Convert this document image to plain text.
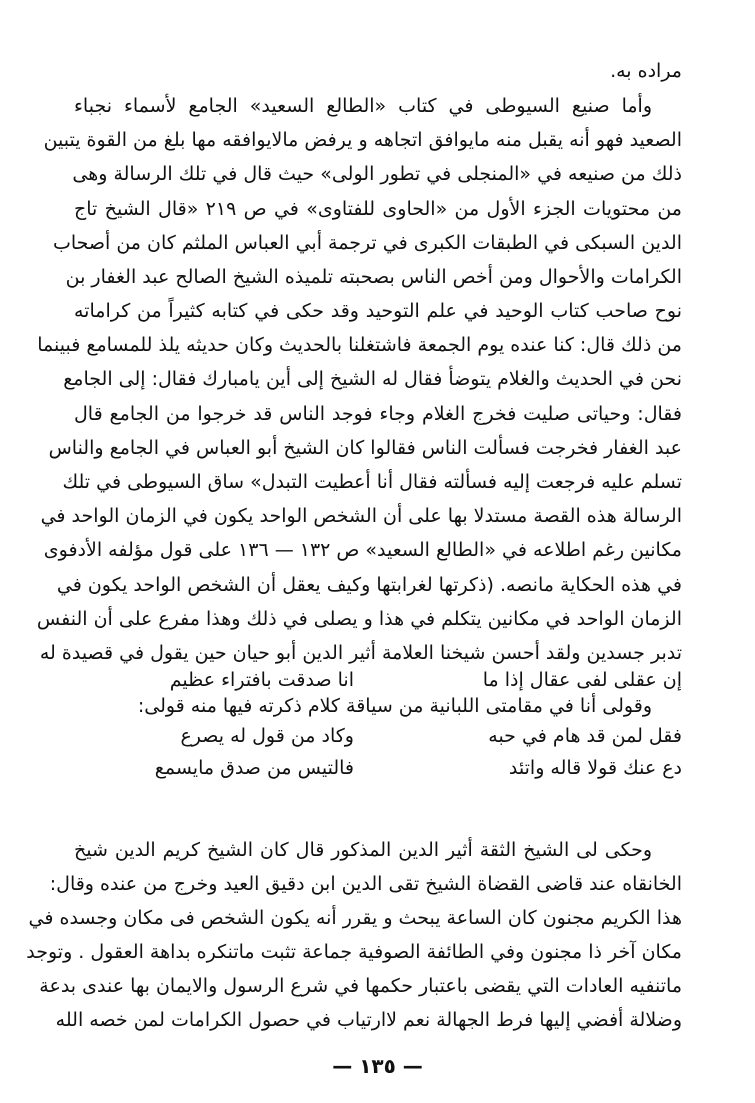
مراده به.
وأما صنيع السيوطى في كتاب «الطالع السعيد» الجامع لأسماء نجباء
الصعيد فهو أنه يقبل منه مايوافق اتجاهه و يرفض مالايوافقه مها بلغ من القوة يتبين
ذلك من صنيعه في «المنجلى في تطور الولى» حيث قال في تلك الرسالة وهى
من محتويات الجزء الأول من «الحاوى للفتاوى» في ص ٢١٩ «قال الشيخ تاج
الدين السبكى في الطبقات الكبرى في ترجمة أبي العباس الملثم كان من أصحاب
الكرامات والأحوال ومن أخص الناس بصحبته تلميذه الشيخ الصالح عبد الغفار بن
نوح صاحب كتاب الوحيد في علم التوحيد وقد حكى في كتابه كثيراً من كراماته
من ذلك قال: كنا عنده يوم الجمعة فاشتغلنا بالحديث وكان حديثه يلذ للمسامع فبينما
نحن في الحديث والغلام يتوضأ فقال له الشيخ إلى أين يامبارك فقال: إلى الجامع
فقال: وحياتى صليت فخرج الغلام وجاء فوجد الناس قد خرجوا من الجامع قال
عبد الغفار فخرجت فسألت الناس فقالوا كان الشيخ أبو العباس في الجامع والناس
تسلم عليه فرجعت إليه فسألته فقال أنا أعطيت التبدل» ساق السيوطى في تلك
الرسالة هذه القصة مستدلا بها على أن الشخص الواحد يكون في الزمان الواحد في
مكانين رغم اطلاعه في «الطالع السعيد» ص ١٣٢ — ١٣٦ على قول مؤلفه الأدفوى
في هذه الحكاية مانصه. (ذكرتها لغرابتها وكيف يعقل أن الشخص الواحد يكون في
الزمان الواحد في مكانين يتكلم في هذا و يصلى في ذلك وهذا مفرع على أن النفس
تدبر جسدين ولقد أحسن شيخنا العلامة أثير الدين أبو حيان حين يقول في قصيدة له
إن عقلى لفى عقال إذا ما
انا صدقت بافتراء عظيم
وقولى أنا في مقامتى اللبانية من سياقة كلام ذكرته فيها منه قولى:
فقل لمن قد هام في حبه
وكاد من قول له يصرع
دع عنك قولا قاله واتئد
فالتيس من صدق مايسمع
وحكى لى الشيخ الثقة أثير الدين المذكور قال كان الشيخ كريم الدين شيخ
الخانقاه عند قاضى القضاة الشيخ تقى الدين ابن دقيق العيد وخرج من عنده وقال:
هذا الكريم مجنون كان الساعة يبحث و يقرر أنه يكون الشخص فى مكان وجسده في
مكان آخر ذا مجنون وفي الطائفة الصوفية جماعة تثبت ماتنكره بداهة العقول . وتوجد
ماتنفيه العادات التي يقضى باعتبار حكمها في شرع الرسول والايمان بها عندى بدعة
وضلالة أفضي إليها فرط الجهالة نعم لاارتياب في حصول الكرامات لمن خصه الله
— ١٣٥ —
